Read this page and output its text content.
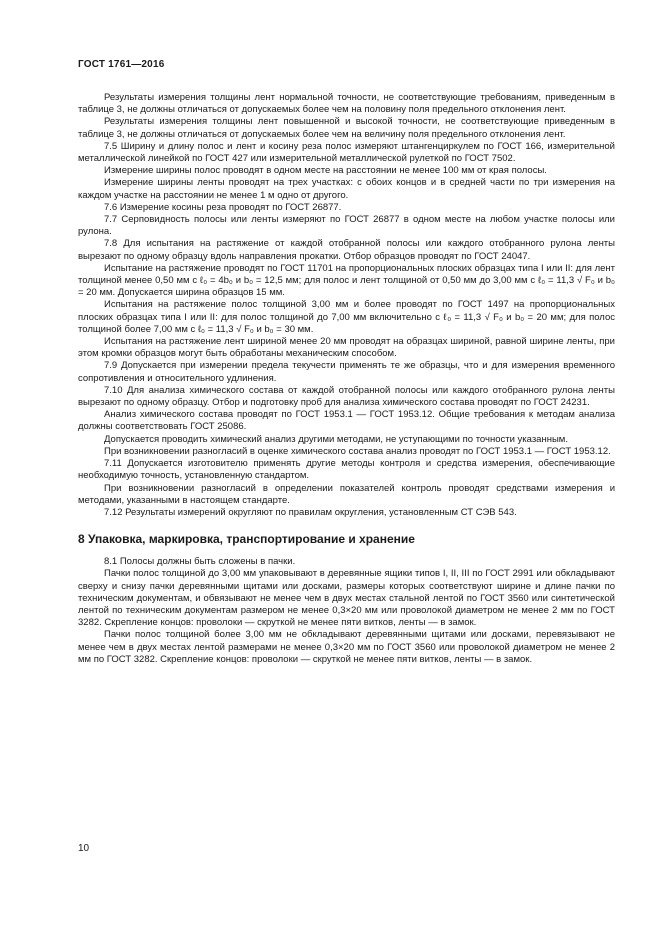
ГОСТ 1761—2016

Результаты измерения толщины лент нормальной точности, не соответствующие требованиям, приведенным в таблице 3, не должны отличаться от допускаемых более чем на половину поля предельного отклонения лент.

Результаты измерения толщины лент повышенной и высокой точности, не соответствующие приведенным в таблице 3, не должны отличаться от допускаемых более чем на величину поля предельного отклонения лент.

7.5 Ширину и длину полос и лент и косину реза полос измеряют штангенциркулем по ГОСТ 166, измерительной металлической линейкой по ГОСТ 427 или измерительной металлической рулеткой по ГОСТ 7502.

Измерение ширины полос проводят в одном месте на расстоянии не менее 100 мм от края полосы.

Измерение ширины ленты проводят на трех участках: с обоих концов и в средней части по три измерения на каждом участке на расстоянии не менее 1 м одно от другого.

7.6 Измерение косины реза проводят по ГОСТ 26877.

7.7 Серповидность полосы или ленты измеряют по ГОСТ 26877 в одном месте на любом участке полосы или рулона.

7.8 Для испытания на растяжение от каждой отобранной полосы или каждого отобранного рулона ленты вырезают по одному образцу вдоль направления прокатки. Отбор образцов проводят по ГОСТ 24047.

Испытание на растяжение проводят по ГОСТ 11701 на пропорциональных плоских образцах типа I или II: для лент толщиной менее 0,50 мм с ℓ₀ = 4b₀ и b₀ = 12,5 мм; для полос и лент толщиной от 0,50 мм до 3,00 мм с ℓ₀ = 11,3 √ F₀ и b₀ = 20 мм. Допускается ширина образцов 15 мм.

Испытания на растяжение полос толщиной 3,00 мм и более проводят по ГОСТ 1497 на пропорциональных плоских образцах типа I или II: для полос толщиной до 7,00 мм включительно с ℓ₀ = 11,3 √ F₀ и b₀ = 20 мм; для полос толщиной более 7,00 мм с ℓ₀ = 11,3 √ F₀ и b₀ = 30 мм.

Испытания на растяжение лент шириной менее 20 мм проводят на образцах шириной, равной ширине ленты, при этом кромки образцов могут быть обработаны механическим способом.

7.9 Допускается при измерении предела текучести применять те же образцы, что и для измерения временного сопротивления и относительного удлинения.

7.10 Для анализа химического состава от каждой отобранной полосы или каждого отобранного рулона ленты вырезают по одному образцу. Отбор и подготовку проб для анализа химического состава проводят по ГОСТ 24231.

Анализ химического состава проводят по ГОСТ 1953.1 — ГОСТ 1953.12. Общие требования к методам анализа должны соответствовать ГОСТ 25086.

Допускается проводить химический анализ другими методами, не уступающими по точности указанным.

При возникновении разногласий в оценке химического состава анализ проводят по ГОСТ 1953.1 — ГОСТ 1953.12.

7.11 Допускается изготовителю применять другие методы контроля и средства измерения, обеспечивающие необходимую точность, установленную стандартом.

При возникновении разногласий в определении показателей контроль проводят средствами измерения и методами, указанными в настоящем стандарте.

7.12 Результаты измерений округляют по правилам округления, установленным СТ СЭВ 543.

8 Упаковка, маркировка, транспортирование и хранение

8.1 Полосы должны быть сложены в пачки.

Пачки полос толщиной до 3,00 мм упаковывают в деревянные ящики типов I, II, III по ГОСТ 2991 или обкладывают сверху и снизу пачки деревянными щитами или досками, размеры которых соответствуют ширине и длине пачки по техническим документам, и обвязывают не менее чем в двух местах стальной лентой по ГОСТ 3560 или синтетической лентой по техническим документам размером не менее 0,3×20 мм или проволокой диаметром не менее 2 мм по ГОСТ 3282. Скрепление концов: проволоки — скруткой не менее пяти витков, ленты — в замок.

Пачки полос толщиной более 3,00 мм не обкладывают деревянными щитами или досками, перевязывают не менее чем в двух местах лентой размерами не менее 0,3×20 мм по ГОСТ 3560 или проволокой диаметром не менее 2 мм по ГОСТ 3282. Скрепление концов: проволоки — скруткой не менее пяти витков, ленты — в замок.

10
